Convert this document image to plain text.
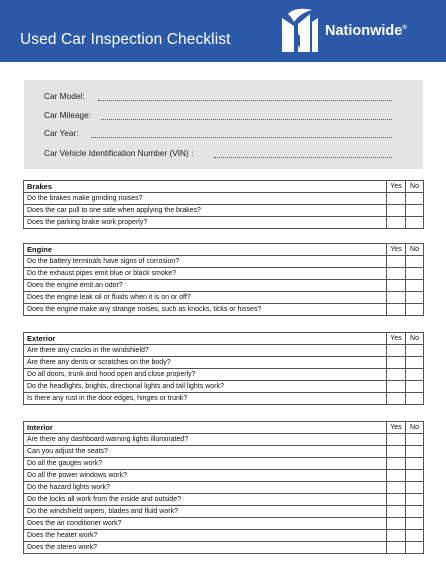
Used Car Inspection Checklist	Nationwide®
Car Model:
Car Mileage:
Car Year:
Car Vehicle Identification Number (VIN) :
Brakes	Yes	No
Do the brakes make grinding noises?		
Does the car pull to one side when applying the brakes?		
Does the parking brake work properly?		
Engine	Yes	No
Do the battery terminals have signs of corrosion?		
Do the exhaust pipes emit blue or black smoke?		
Does the engine emit an odor?		
Does the engine leak oil or fluids when it is on or off?		
Does the engine make any strange noises, such as knocks, ticks or hisses?		
Exterior	Yes	No
Are there any cracks in the windshield?		
Are there any dents or scratches on the body?		
Do all doors, trunk and hood open and close properly?		
Do the headlights, brights, directional lights and tail lights work?		
Is there any rust in the door edges, hinges or trunk?		
Interior	Yes	No
Are there any dashboard warning lights illuminated?		
Can you adjust the seats?		
Do all the gauges work?		
Do all the power windows work?		
Do the hazard lights work?		
Do the locks all work from the inside and outside?		
Do the windshield wipers, blades and fluid work?		
Does the air conditioner work?		
Does the heater work?		
Does the stereo work?		
